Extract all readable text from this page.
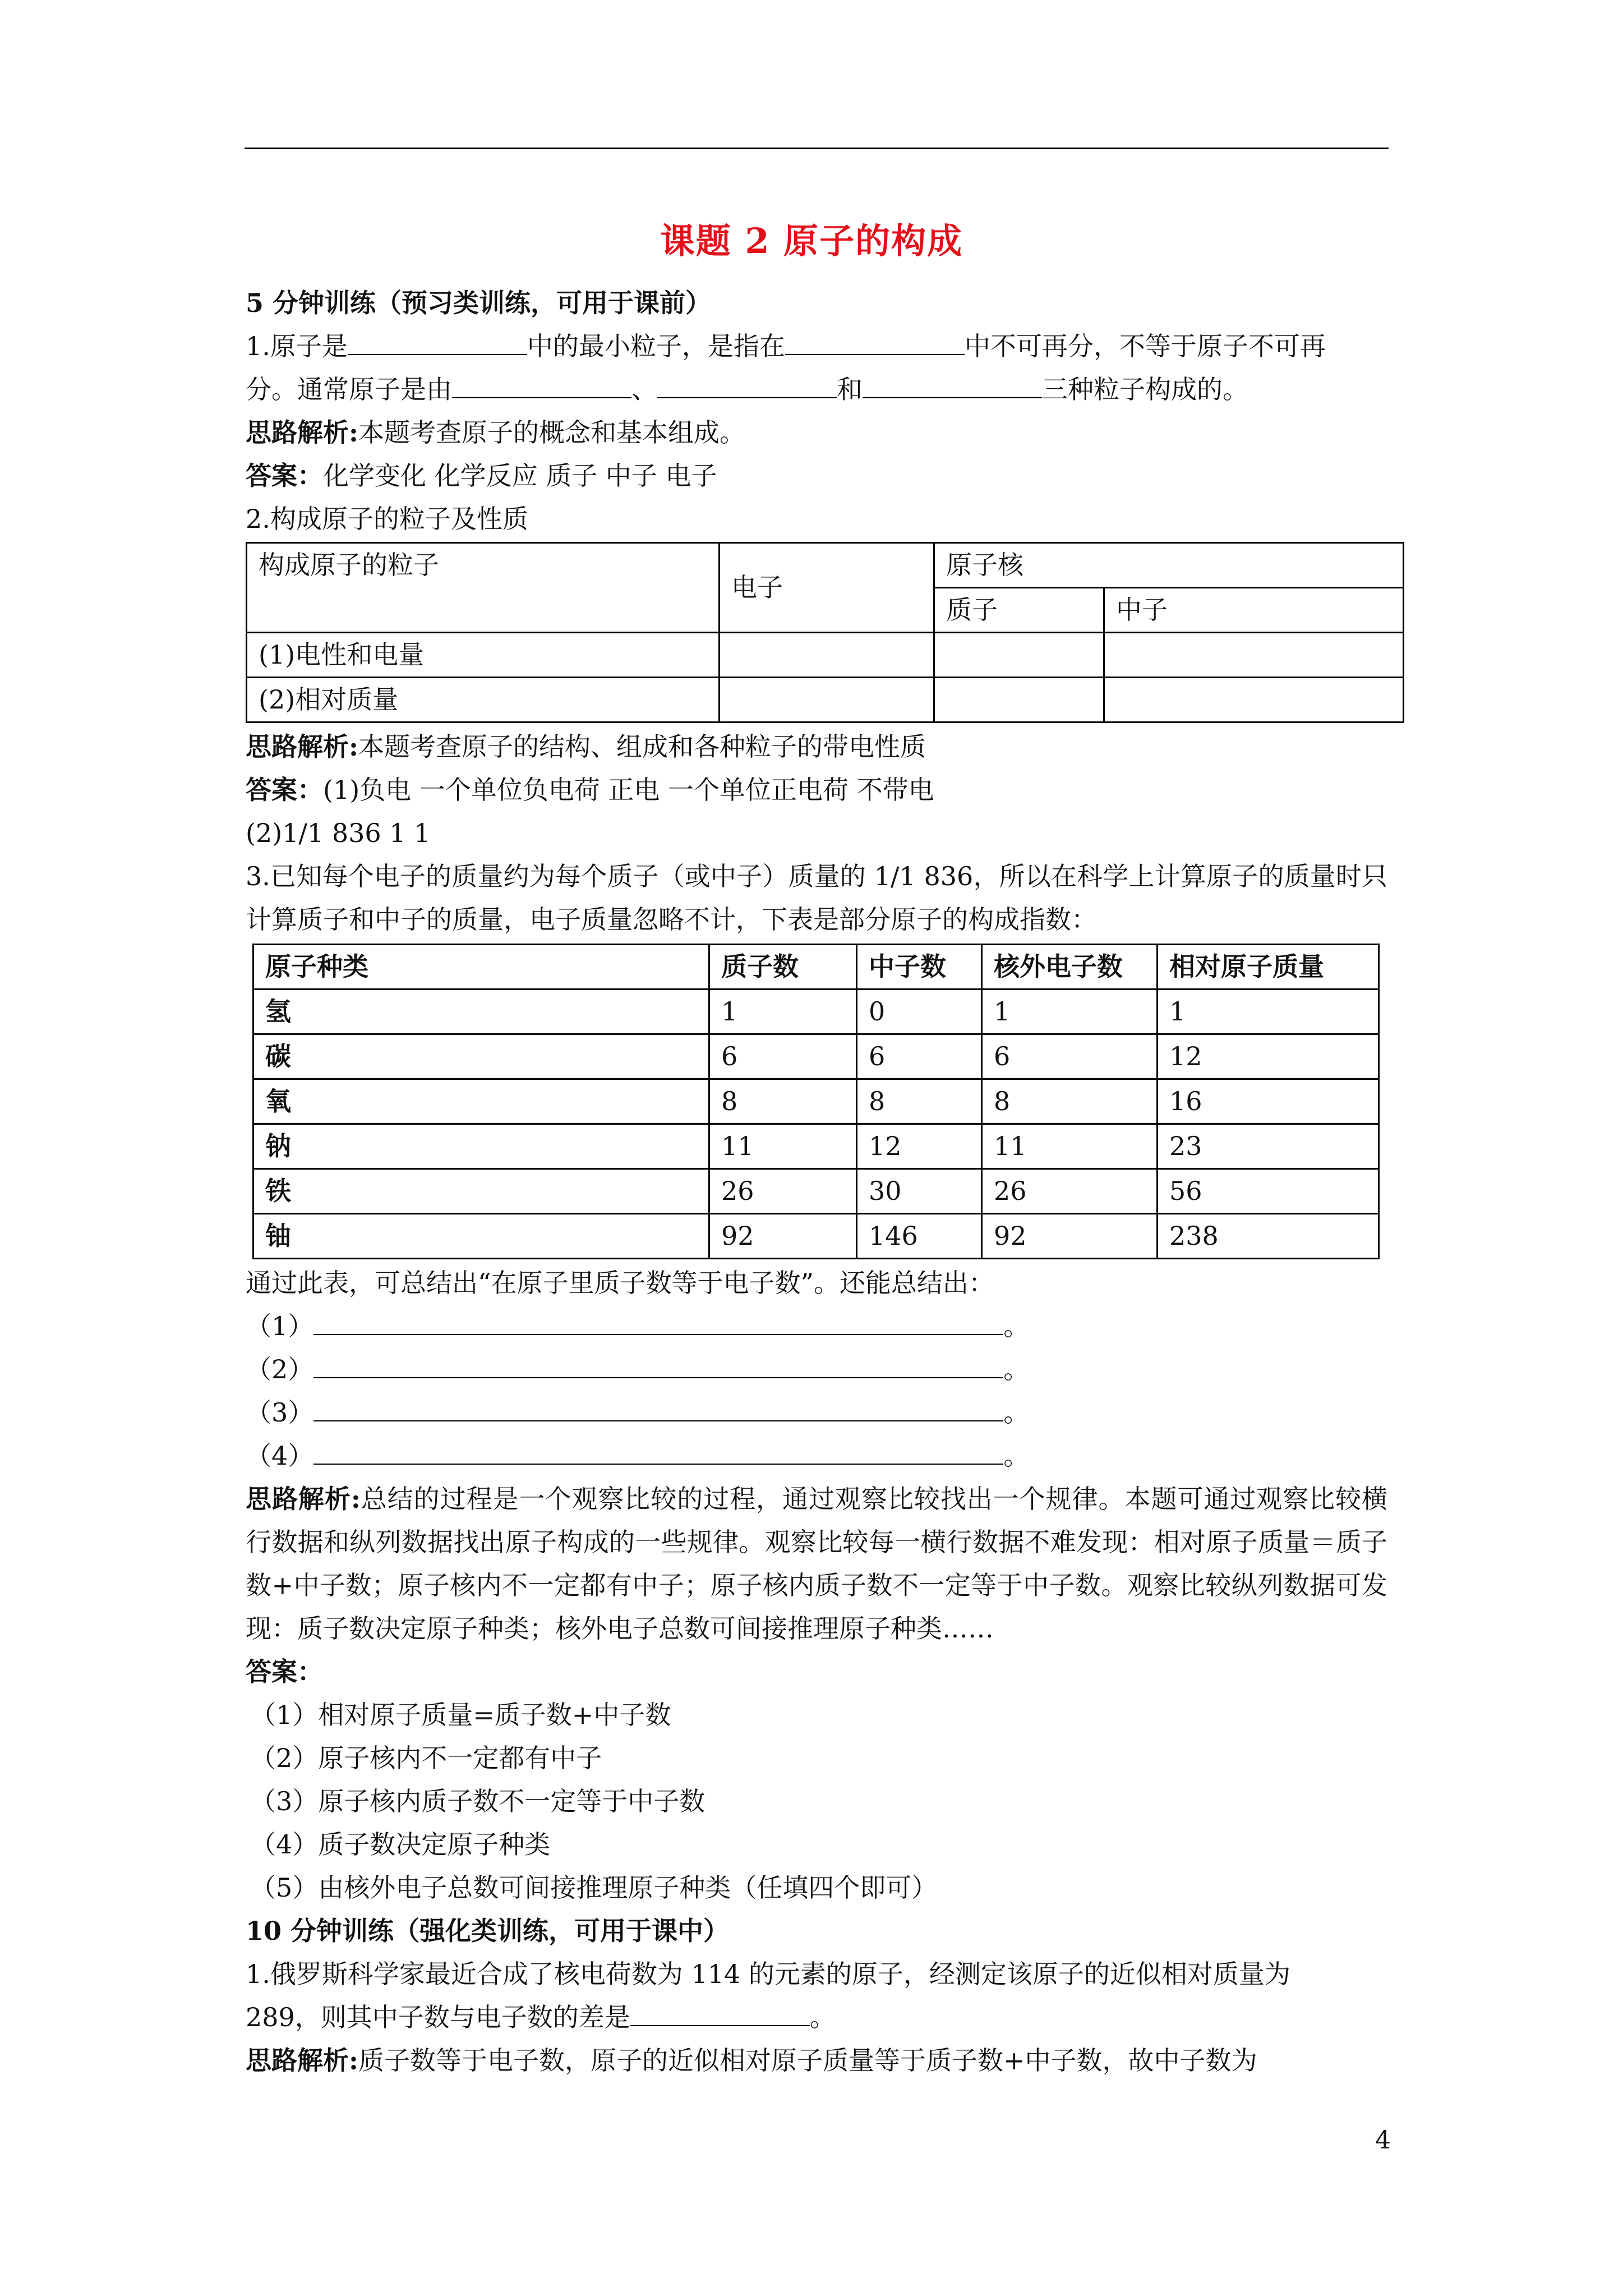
课题 2 原子的构成
5 分钟训练（预习类训练，可用于课前）
1.原子是	中的最小粒子，是指在	中不可再分，不等于原子不可再
分。通常原子是由	、	和	三种粒子构成的。
思路解析:本题考查原子的概念和基本组成。
答案：化学变化 化学反应 质子 中子 电子
2.构成原子的粒子及性质
构成原子的粒子	电子	原子核	
		质子	中子
(1)电性和电量			
(2)相对质量			
思路解析:本题考查原子的结构、组成和各种粒子的带电性质
答案：(1)负电 一个单位负电荷 正电 一个单位正电荷 不带电
(2)1/1 836 1 1
3.已知每个电子的质量约为每个质子（或中子）质量的 1/1 836，所以在科学上计算原子的质量时只计算质子和中子的质量，电子质量忽略不计，下表是部分原子的构成指数：
原子种类	质子数	中子数	核外电子数	相对原子质量
氢	1	0	1	1
碳	6	6	6	12
氧	8	8	8	16
钠	11	12	11	23
铁	26	30	26	56
铀	92	146	92	238
通过此表，可总结出“在原子里质子数等于电子数”。还能总结出：
（1）	。
（2）	。
（3）	。
（4）	。
思路解析:总结的过程是一个观察比较的过程，通过观察比较找出一个规律。本题可通过观察比较横行数据和纵列数据找出原子构成的一些规律。观察比较每一横行数据不难发现：相对原子质量＝质子数+中子数；原子核内不一定都有中子；原子核内质子数不一定等于中子数。观察比较纵列数据可发现：质子数决定原子种类；核外电子总数可间接推理原子种类……
答案：
（1）相对原子质量=质子数+中子数
（2）原子核内不一定都有中子
（3）原子核内质子数不一定等于中子数
（4）质子数决定原子种类
（5）由核外电子总数可间接推理原子种类（任填四个即可）
10 分钟训练（强化类训练，可用于课中）
1.俄罗斯科学家最近合成了核电荷数为 114 的元素的原子，经测定该原子的近似相对质量为
289，则其中子数与电子数的差是	。
思路解析:质子数等于电子数，原子的近似相对原子质量等于质子数+中子数，故中子数为
4
